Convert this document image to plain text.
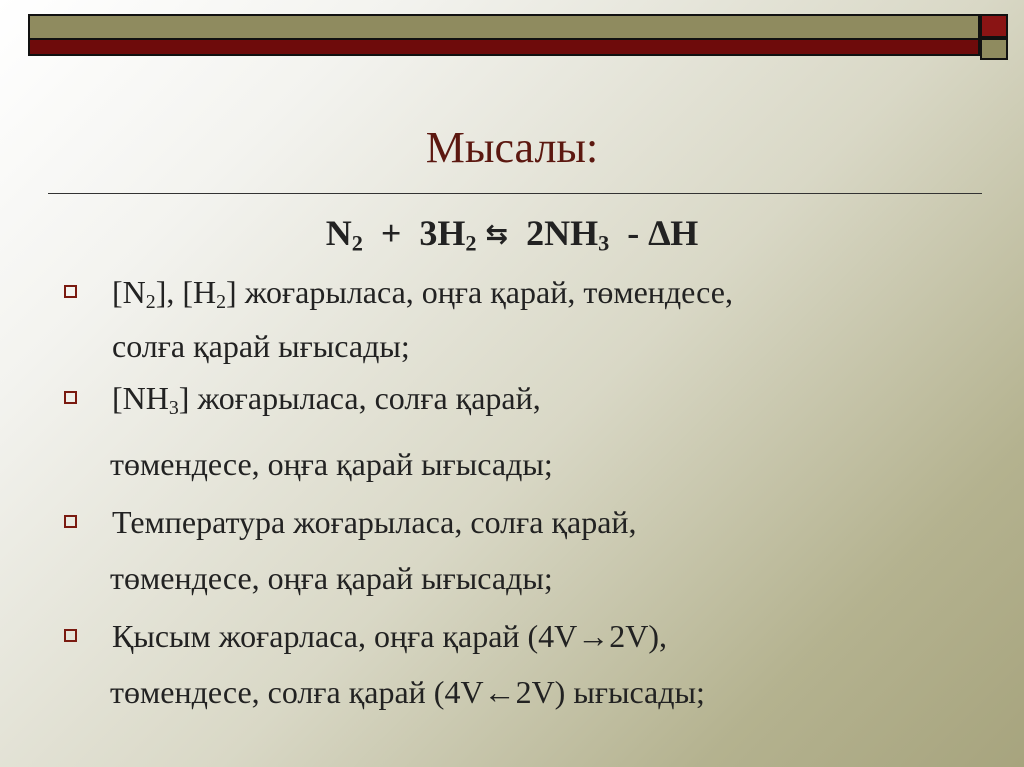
Мысалы:
$N_2 + 3H_2$ ⇆  $2NH_3 - \Delta H$
$[N_2]$, $[H_2]$ жоғарыласа, оңға қарай, төмендесе,
солға қарай ығысады;
$[NH_3]$ жоғарыласа, солға қарай,
төмендесе, оңға қарай ығысады;
Температура жоғарыласа, солға қарай,
төмендесе, оңға қарай ығысады;
Қысым жоғарласа, оңға қарай (4V→2V),
төмендесе, солға қарай (4V←2V) ығысады;
